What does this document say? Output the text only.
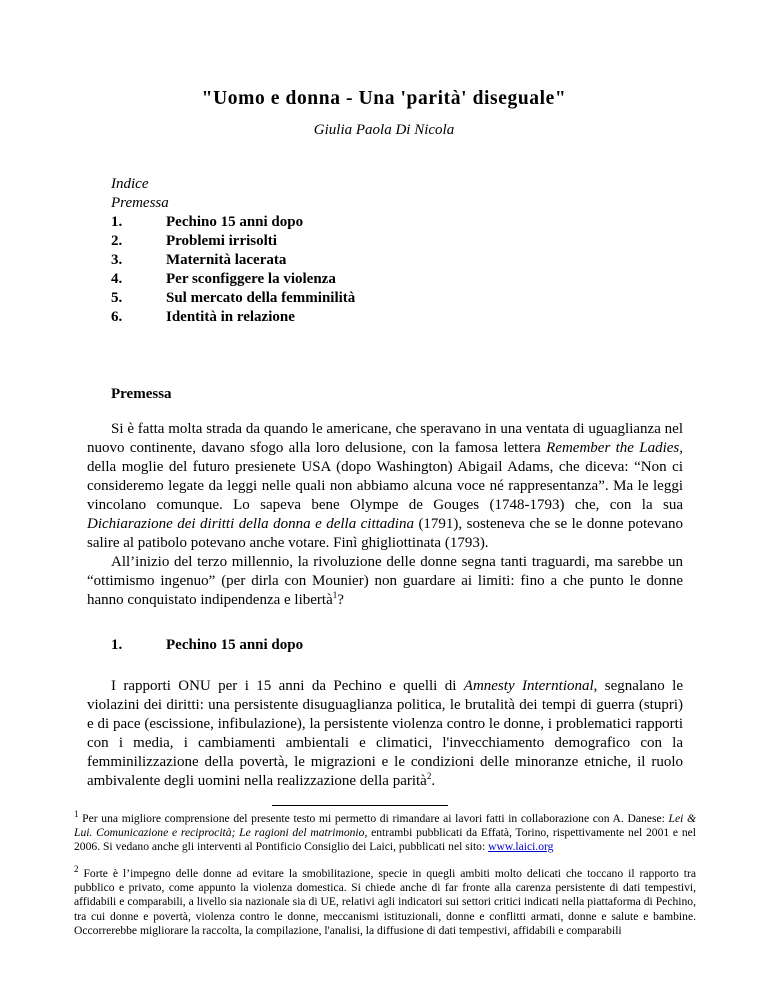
"Uomo e donna - Una 'parità' diseguale"
Giulia Paola Di Nicola
Indice
Premessa
1.	Pechino 15 anni dopo
2.	Problemi irrisolti
3.	Maternità lacerata
4.	Per sconfiggere la violenza
5.	Sul mercato della femminilità
6.	Identità in relazione
Premessa

Si è fatta molta strada da quando le americane, che speravano in una ventata di uguaglianza nel nuovo continente, davano sfogo alla loro delusione, con la famosa lettera Remember the Ladies, della moglie del futuro presienete USA (dopo Washington) Abigail Adams, che diceva: “Non ci consideremo legate da leggi nelle quali non abbiamo alcuna voce né rappresentanza”. Ma le leggi vincolano comunque. Lo sapeva bene Olympe de Gouges (1748-1793) che, con la sua Dichiarazione dei diritti della donna e della cittadina (1791), sosteneva che se le donne potevano salire al patibolo potevano anche votare. Finì ghigliottinata (1793).

All’inizio del terzo millennio, la rivoluzione delle donne segna tanti traguardi, ma sarebbe un “ottimismo ingenuo” (per dirla con Mounier) non guardare ai limiti: fino a che punto le donne hanno conquistato indipendenza e libertà$^1$?

1.	Pechino 15 anni dopo

I rapporti ONU per i 15 anni da Pechino e quelli di Amnesty Interntional, segnalano le violazini dei diritti: una persistente disuguaglianza politica, le brutalità dei tempi di guerra (stupri) e di pace (escissione, infibulazione), la persistente violenza contro le donne, i problematici rapporti con i media, i cambiamenti ambientali e climatici, l'invecchiamento demografico con la femminilizzazione della povertà, le migrazioni e le condizioni delle minoranze etniche, il ruolo ambivalente degli uomini nella realizzazione della parità$^2$.

$^1$ Per una migliore comprensione del presente testo mi permetto di rimandare ai lavori fatti in collaborazione con A. Danese: Lei & Lui. Comunicazione e reciprocità; Le ragioni del matrimonio, entrambi pubblicati da Effatà, Torino, rispettivamente nel 2001 e nel 2006. Si vedano anche gli interventi al Pontificio Consiglio dei Laici, pubblicati nel sito: www.laici.org
$^2$ Forte è l’impegno delle donne ad evitare la smobilitazione, specie in quegli ambiti molto delicati che toccano il rapporto tra pubblico e privato, come appunto la violenza domestica. Si chiede anche di far fronte alla carenza persistente di dati tempestivi, affidabili e comparabili, a livello sia nazionale sia di UE, relativi agli indicatori sui settori critici indicati nella piattaforma di Pechino, tra cui donne e povertà, violenza contro le donne, meccanismi istituzionali, donne e conflitti armati, donne e salute e bambine. Occorrerebbe migliorare la raccolta, la compilazione, l'analisi, la diffusione di dati tempestivi, affidabili e comparabili
